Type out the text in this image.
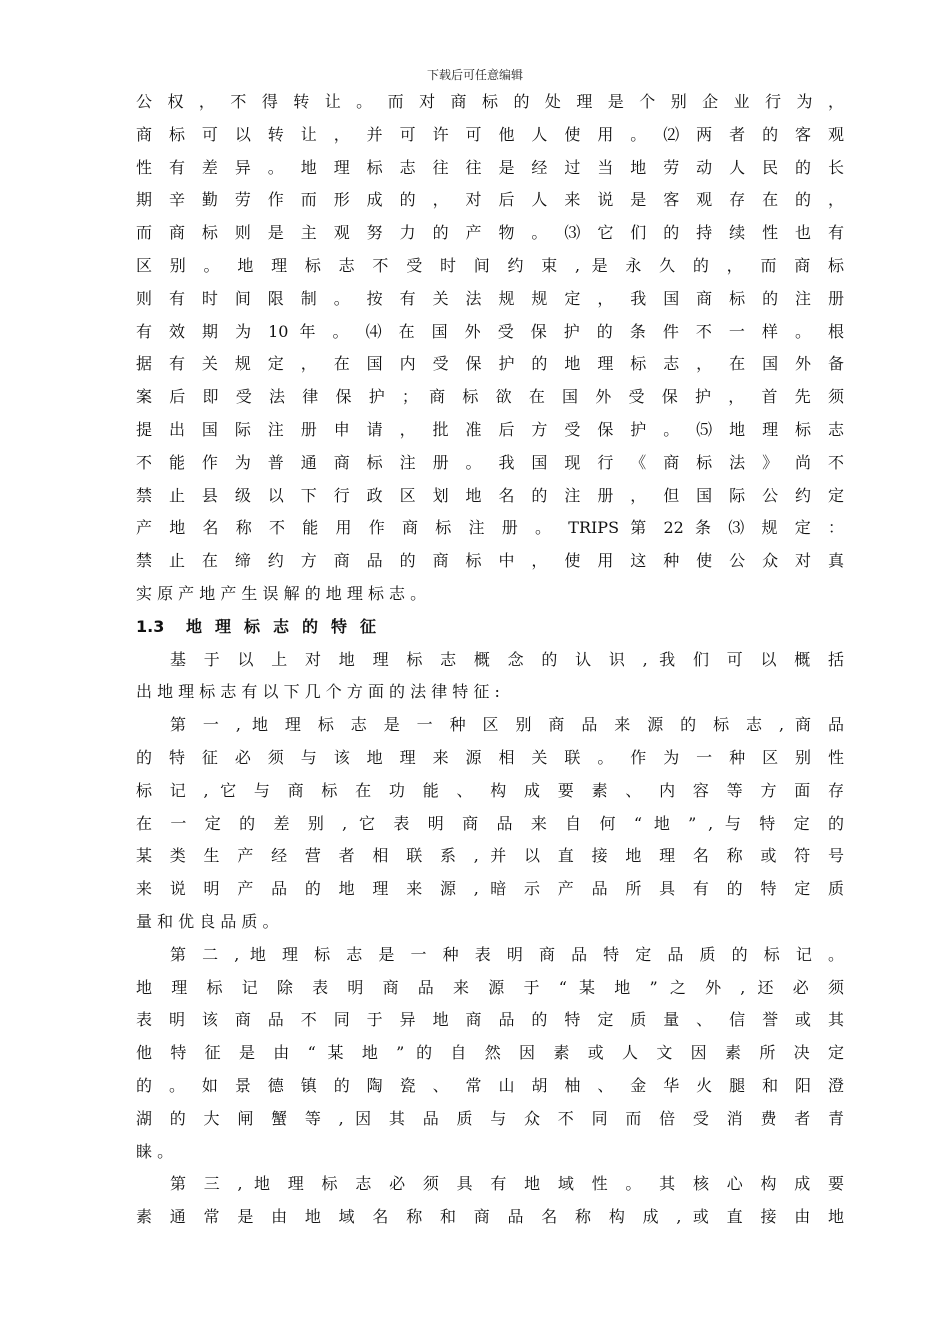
下载后可任意编辑
公 权 ， 不 得 转 让 。 而 对 商 标 的 处 理 是 个 别 企 业 行 为 ，
商 标 可 以 转 让 ， 并 可 许 可 他 人 使 用 。 ⑵ 两 者 的 客 观
性 有 差 异 。 地 理 标 志 往 往 是 经 过 当 地 劳 动 人 民 的 长
期 辛 勤 劳 作 而 形 成 的 ， 对 后 人 来 说 是 客 观 存 在 的 ，
而 商 标 则 是 主 观 努 力 的 产 物 。 ⑶ 它 们 的 持 续 性 也 有
区 别 。 地 理 标 志 不 受 时 间 约 束 , 是 永 久 的 ， 而 商 标
则 有 时 间 限 制 。 按 有 关 法 规 规 定 ， 我 国 商 标 的 注 册
有 效 期 为 10 年 。 ⑷ 在 国 外 受 保 护 的 条 件 不 一 样 。 根
据 有 关 规 定 ， 在 国 内 受 保 护 的 地 理 标 志 ， 在 国 外 备
案 后 即 受 法 律 保 护 ； 商 标 欲 在 国 外 受 保 护 ， 首 先 须
提 出 国 际 注 册 申 请 ， 批 准 后 方 受 保 护 。 ⑸ 地 理 标 志
不 能 作 为 普 通 商 标 注 册 。 我 国 现 行 《 商 标 法 》 尚 不
禁 止 县 级 以 下 行 政 区 划 地 名 的 注 册 ， 但 国 际 公 约 定
产 地 名 称 不 能 用 作 商 标 注 册 。 TRIPS 第 22 条 ⑶ 规 定 ：
禁 止 在 缔 约 方 商 品 的 商 标 中 ， 使 用 这 种 使 公 众 对 真
实 原 产 地 产 生 误 解 的 地 理 标 志 。
1.3 地理标志的特征
基 于 以 上 对 地 理 标 志 概 念 的 认 识 , 我 们 可 以 概 括
出 地 理 标 志 有 以 下 几 个 方 面 的 法 律 特 征 :
第 一 , 地 理 标 志 是 一 种 区 别 商 品 来 源 的 标 志 , 商 品
的 特 征 必 须 与 该 地 理 来 源 相 关 联 。 作 为 一 种 区 别 性
标 记 , 它 与 商 标 在 功 能 、 构 成 要 素 、 内 容 等 方 面 存
在 一 定 的 差 别 , 它 表 明 商 品 来 自 何 “ 地 ” , 与 特 定 的
某 类 生 产 经 营 者 相 联 系 , 并 以 直 接 地 理 名 称 或 符 号
来 说 明 产 品 的 地 理 来 源 , 暗 示 产 品 所 具 有 的 特 定 质
量 和 优 良 品 质 。
第 二 , 地 理 标 志 是 一 种 表 明 商 品 特 定 品 质 的 标 记 。
地 理 标 记 除 表 明 商 品 来 源 于 “ 某 地 ” 之 外 , 还 必 须
表 明 该 商 品 不 同 于 异 地 商 品 的 特 定 质 量 、 信 誉 或 其
他 特 征 是 由 “ 某 地 ” 的 自 然 因 素 或 人 文 因 素 所 决 定
的 。 如 景 德 镇 的 陶 瓷 、 常 山 胡 柚 、 金 华 火 腿 和 阳 澄
湖 的 大 闸 蟹 等 , 因 其 品 质 与 众 不 同 而 倍 受 消 费 者 青
睐 。
第 三 , 地 理 标 志 必 须 具 有 地 域 性 。 其 核 心 构 成 要
素 通 常 是 由 地 域 名 称 和 商 品 名 称 构 成 , 或 直 接 由 地
